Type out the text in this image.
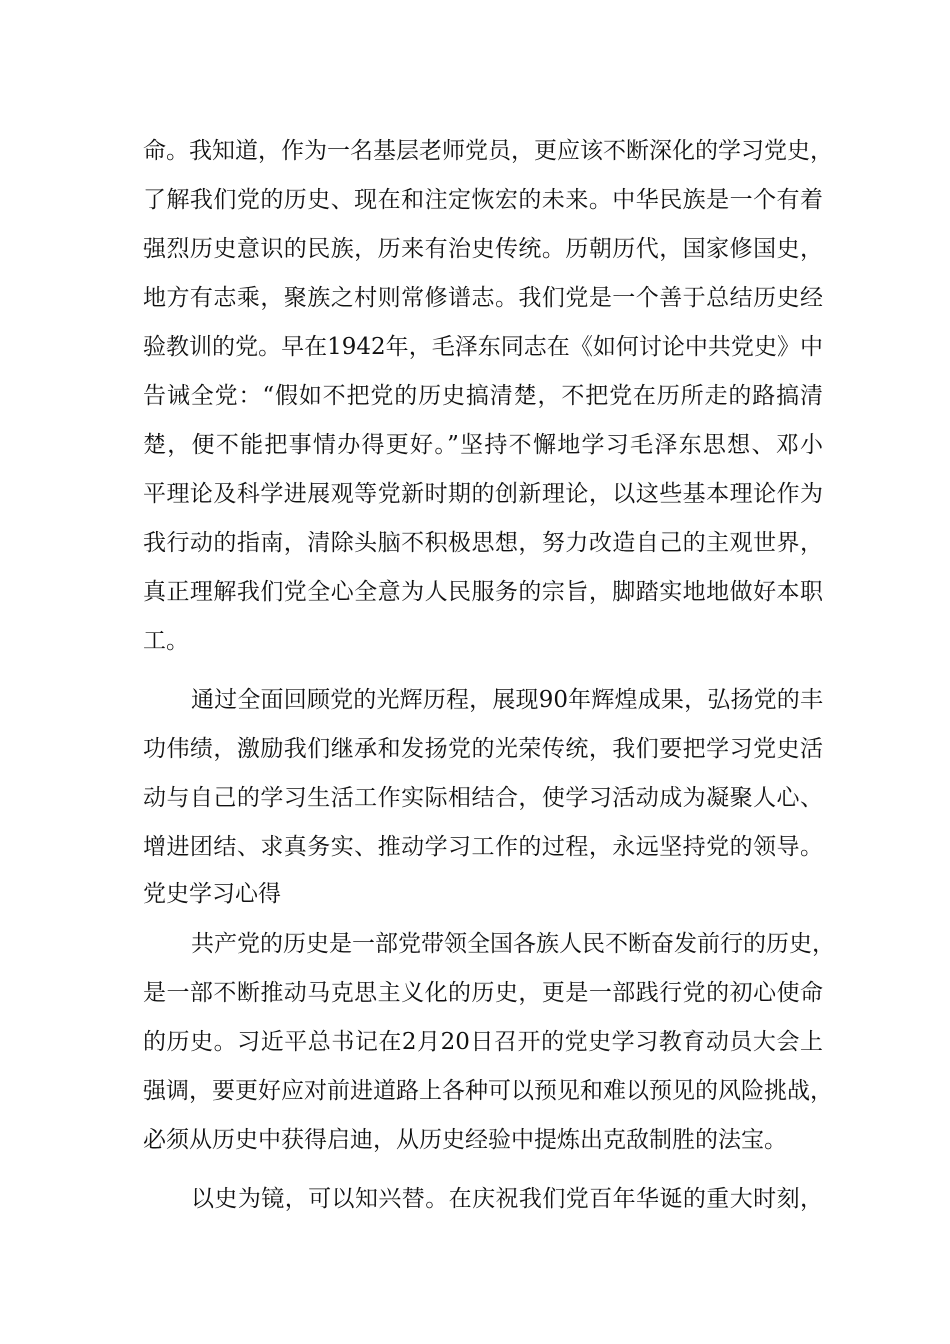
命。我知道，作为一名基层老师党员，更应该不断深化的学习党史，
了解我们党的历史、现在和注定恢宏的未来。中华民族是一个有着
强烈历史意识的民族，历来有治史传统。历朝历代，国家修国史，
地方有志乘，聚族之村则常修谱志。我们党是一个善于总结历史经
验教训的党。早在1942年，毛泽东同志在《如何讨论中共党史》中
告诫全党：“假如不把党的历史搞清楚，不把党在历所走的路搞清
楚，便不能把事情办得更好。”坚持不懈地学习毛泽东思想、邓小
平理论及科学进展观等党新时期的创新理论，以这些基本理论作为
我行动的指南，清除头脑不积极思想，努力改造自己的主观世界，
真正理解我们党全心全意为人民服务的宗旨，脚踏实地地做好本职
工。
通过全面回顾党的光辉历程，展现90年辉煌成果，弘扬党的丰
功伟绩，激励我们继承和发扬党的光荣传统，我们要把学习党史活
动与自己的学习生活工作实际相结合，使学习活动成为凝聚人心、
增进团结、求真务实、推动学习工作的过程，永远坚持党的领导。
党史学习心得
共产党的历史是一部党带领全国各族人民不断奋发前行的历史，
是一部不断推动马克思主义化的历史，更是一部践行党的初心使命
的历史。习近平总书记在2月20日召开的党史学习教育动员大会上
强调，要更好应对前进道路上各种可以预见和难以预见的风险挑战，
必须从历史中获得启迪，从历史经验中提炼出克敌制胜的法宝。
以史为镜，可以知兴替。在庆祝我们党百年华诞的重大时刻，
